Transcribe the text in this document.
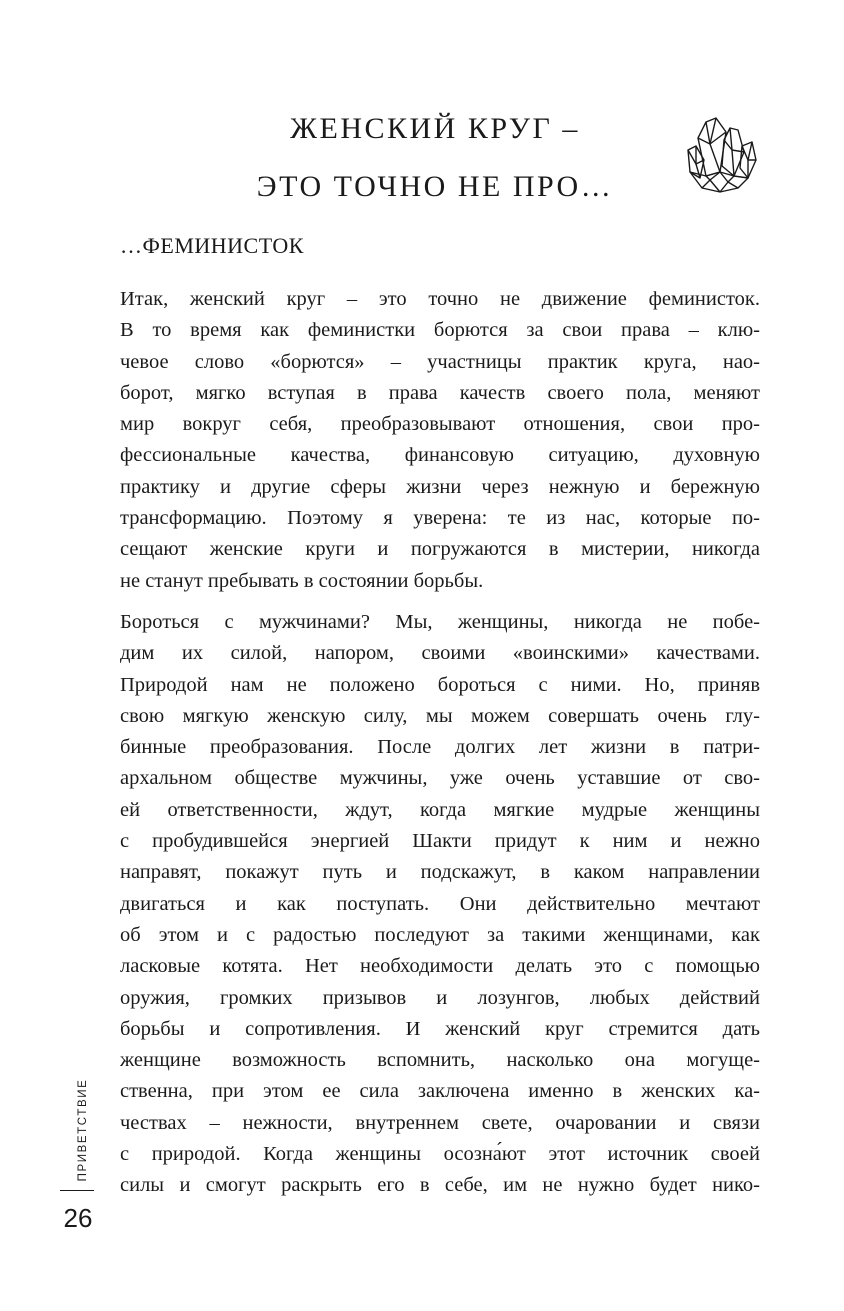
ЖЕНСКИЙ КРУГ –
ЭТО ТОЧНО НЕ ПРО…
…ФЕМИНИСТОК
Итак, женский круг – это точно не движение феминисток.
В то время как феминистки борются за свои права – клю-
чевое слово «борются» – участницы практик круга, нао-
борот, мягко вступая в права качеств своего пола, меняют
мир вокруг себя, преобразовывают отношения, свои про-
фессиональные качества, финансовую ситуацию, духовную
практику и другие сферы жизни через нежную и бережную
трансформацию. Поэтому я уверена: те из нас, которые по-
сещают женские круги и погружаются в мистерии, никогда
не станут пребывать в состоянии борьбы.
Бороться с мужчинами? Мы, женщины, никогда не побе-
дим их силой, напором, своими «воинскими» качествами.
Природой нам не положено бороться с ними. Но, приняв
свою мягкую женскую силу, мы можем совершать очень глу-
бинные преобразования. После долгих лет жизни в патри-
архальном обществе мужчины, уже очень уставшие от сво-
ей ответственности, ждут, когда мягкие мудрые женщины
с пробудившейся энергией Шакти придут к ним и нежно
направят, покажут путь и подскажут, в каком направлении
двигаться и как поступать. Они действительно мечтают
об этом и с радостью последуют за такими женщинами, как
ласковые котята. Нет необходимости делать это с помощью
оружия, громких призывов и лозунгов, любых действий
борьбы и сопротивления. И женский круг стремится дать
женщине возможность вспомнить, насколько она могуще-
ственна, при этом ее сила заключена именно в женских ка-
чествах – нежности, внутреннем свете, очаровании и связи
с природой. Когда женщины осозна́ют этот источник своей
силы и смогут раскрыть его в себе, им не нужно будет нико-
ПРИВЕТСТВИЕ
26
